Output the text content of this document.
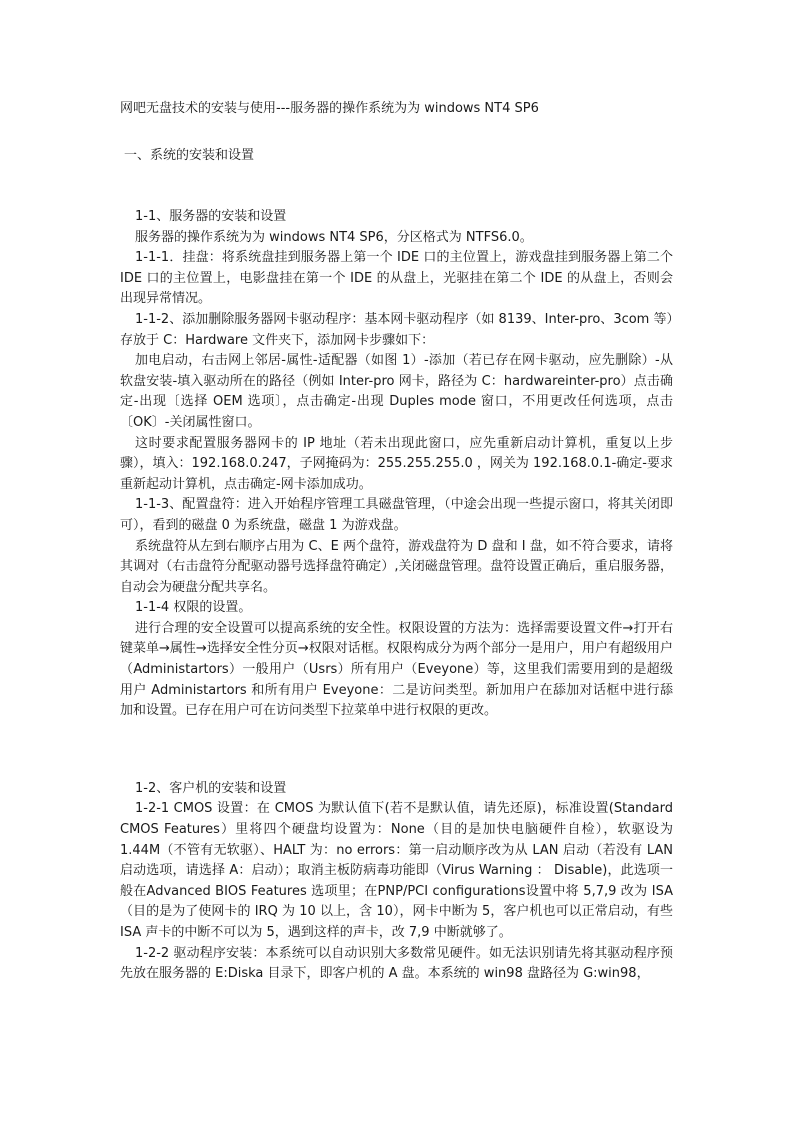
网吧无盘技术的安装与使用---服务器的操作系统为为 windows NT4 SP6
一、系统的安装和设置

1-1、服务器的安装和设置

服务器的操作系统为为 windows NT4 SP6，分区格式为 NTFS6.0。

1-1-1．挂盘：将系统盘挂到服务器上第一个 IDE 口的主位置上，游戏盘挂到服务器上第二个 IDE 口的主位置上，电影盘挂在第一个 IDE 的从盘上，光驱挂在第二个 IDE 的从盘上，否则会出现异常情况。

1-1-2、添加删除服务器网卡驱动程序：基本网卡驱动程序（如 8139、Inter-pro、3com 等）存放于 C：Hardware 文件夹下，添加网卡步骤如下：

加电启动，右击网上邻居-属性-适配器（如图 1）-添加（若已存在网卡驱动，应先删除）-从软盘安装-填入驱动所在的路径（例如 Inter-pro 网卡，路径为 C：hardwareinter-pro）点击确定-出现〔选择 OEM 选项〕，点击确定-出现 Duples mode 窗口，不用更改任何选项，点击〔OK〕-关闭属性窗口。

这时要求配置服务器网卡的 IP 地址（若未出现此窗口，应先重新启动计算机，重复以上步骤），填入：192.168.0.247，子网掩码为：255.255.255.0 ，网关为 192.168.0.1-确定-要求重新起动计算机，点击确定-网卡添加成功。

1-1-3、配置盘符：进入开始程序管理工具磁盘管理，（中途会出现一些提示窗口，将其关闭即可），看到的磁盘 0 为系统盘，磁盘 1 为游戏盘。

系统盘符从左到右顺序占用为 C、E 两个盘符，游戏盘符为 D 盘和 I 盘，如不符合要求，请将其调对（右击盘符分配驱动器号选择盘符确定）,关闭磁盘管理。盘符设置正确后，重启服务器，自动会为硬盘分配共享名。

1-1-4 权限的设置。

进行合理的安全设置可以提高系统的安全性。权限设置的方法为：选择需要设置文件→打开右键菜单→属性→选择安全性分页→权限对话框。权限构成分为两个部分一是用户，用户有超级用户（Administartors）一般用户（Usrs）所有用户（Eveyone）等，这里我们需要用到的是超级用户 Administartors 和所有用户 Eveyone：二是访问类型。新加用户在舔加对话框中进行舔加和设置。已存在用户可在访问类型下拉菜单中进行权限的更改。

1-2、客户机的安装和设置

1-2-1 CMOS 设置：在 CMOS 为默认值下(若不是默认值，请先还原)，标准设置(Standard CMOS Features）里将四个硬盘均设置为：None（目的是加快电脑硬件自检），软驱设为 1.44M（不管有无软驱）、HALT 为：no errors：第一启动顺序改为从 LAN 启动（若没有 LAN 启动选项，请选择 A：启动）；取消主板防病毒功能即（Virus Warning ： Disable)，此选项一般在Advanced BIOS Features 选项里；在PNP/PCI configurations设置中将 5,7,9 改为 ISA（目的是为了使网卡的 IRQ 为 10 以上，含 10），网卡中断为 5，客户机也可以正常启动，有些 ISA 声卡的中断不可以为 5，遇到这样的声卡，改 7,9 中断就够了。

1-2-2 驱动程序安装：本系统可以自动识别大多数常见硬件。如无法识别请先将其驱动程序预先放在服务器的 E:Diska 目录下，即客户机的 A 盘。本系统的 win98 盘路径为 G:win98，
